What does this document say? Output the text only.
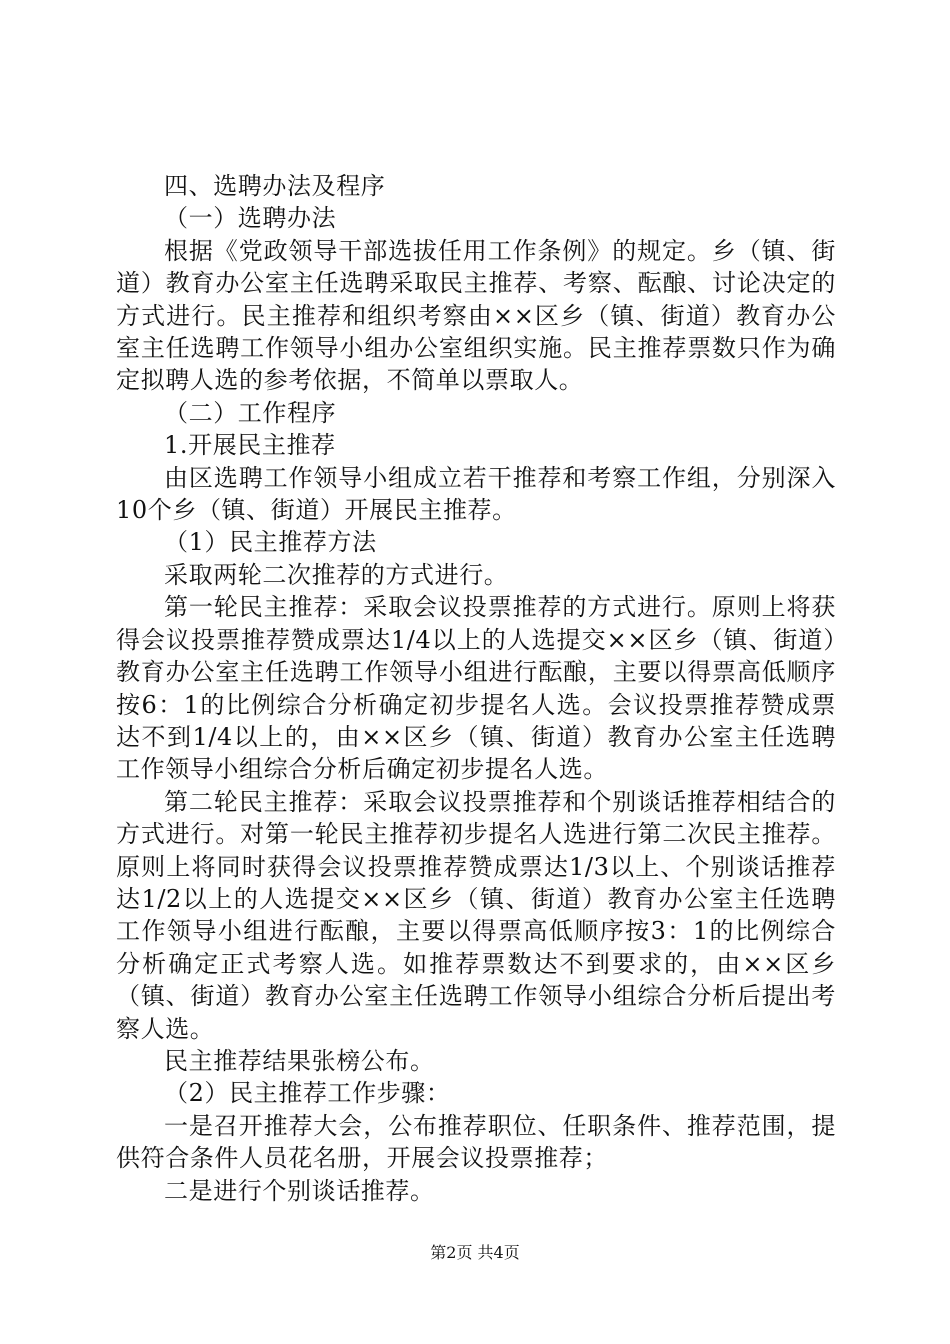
四、选聘办法及程序

（一）选聘办法

根据《党政领导干部选拔任用工作条例》的规定。乡（镇、街道）教育办公室主任选聘采取民主推荐、考察、酝酿、讨论决定的方式进行。民主推荐和组织考察由××区乡（镇、街道）教育办公室主任选聘工作领导小组办公室组织实施。民主推荐票数只作为确定拟聘人选的参考依据，不简单以票取人。

（二）工作程序

1.开展民主推荐

由区选聘工作领导小组成立若干推荐和考察工作组，分别深入10个乡（镇、街道）开展民主推荐。

（1）民主推荐方法

采取两轮二次推荐的方式进行。

第一轮民主推荐：采取会议投票推荐的方式进行。原则上将获得会议投票推荐赞成票达1/4以上的人选提交××区乡（镇、街道）教育办公室主任选聘工作领导小组进行酝酿，主要以得票高低顺序按6：1的比例综合分析确定初步提名人选。会议投票推荐赞成票达不到1/4以上的，由××区乡（镇、街道）教育办公室主任选聘工作领导小组综合分析后确定初步提名人选。

第二轮民主推荐：采取会议投票推荐和个别谈话推荐相结合的方式进行。对第一轮民主推荐初步提名人选进行第二次民主推荐。原则上将同时获得会议投票推荐赞成票达1/3以上、个别谈话推荐达1/2以上的人选提交××区乡（镇、街道）教育办公室主任选聘工作领导小组进行酝酿，主要以得票高低顺序按3：1的比例综合分析确定正式考察人选。如推荐票数达不到要求的，由××区乡（镇、街道）教育办公室主任选聘工作领导小组综合分析后提出考察人选。

民主推荐结果张榜公布。

（2）民主推荐工作步骤：

一是召开推荐大会，公布推荐职位、任职条件、推荐范围，提供符合条件人员花名册，开展会议投票推荐；

二是进行个别谈话推荐。

第2页 共4页
